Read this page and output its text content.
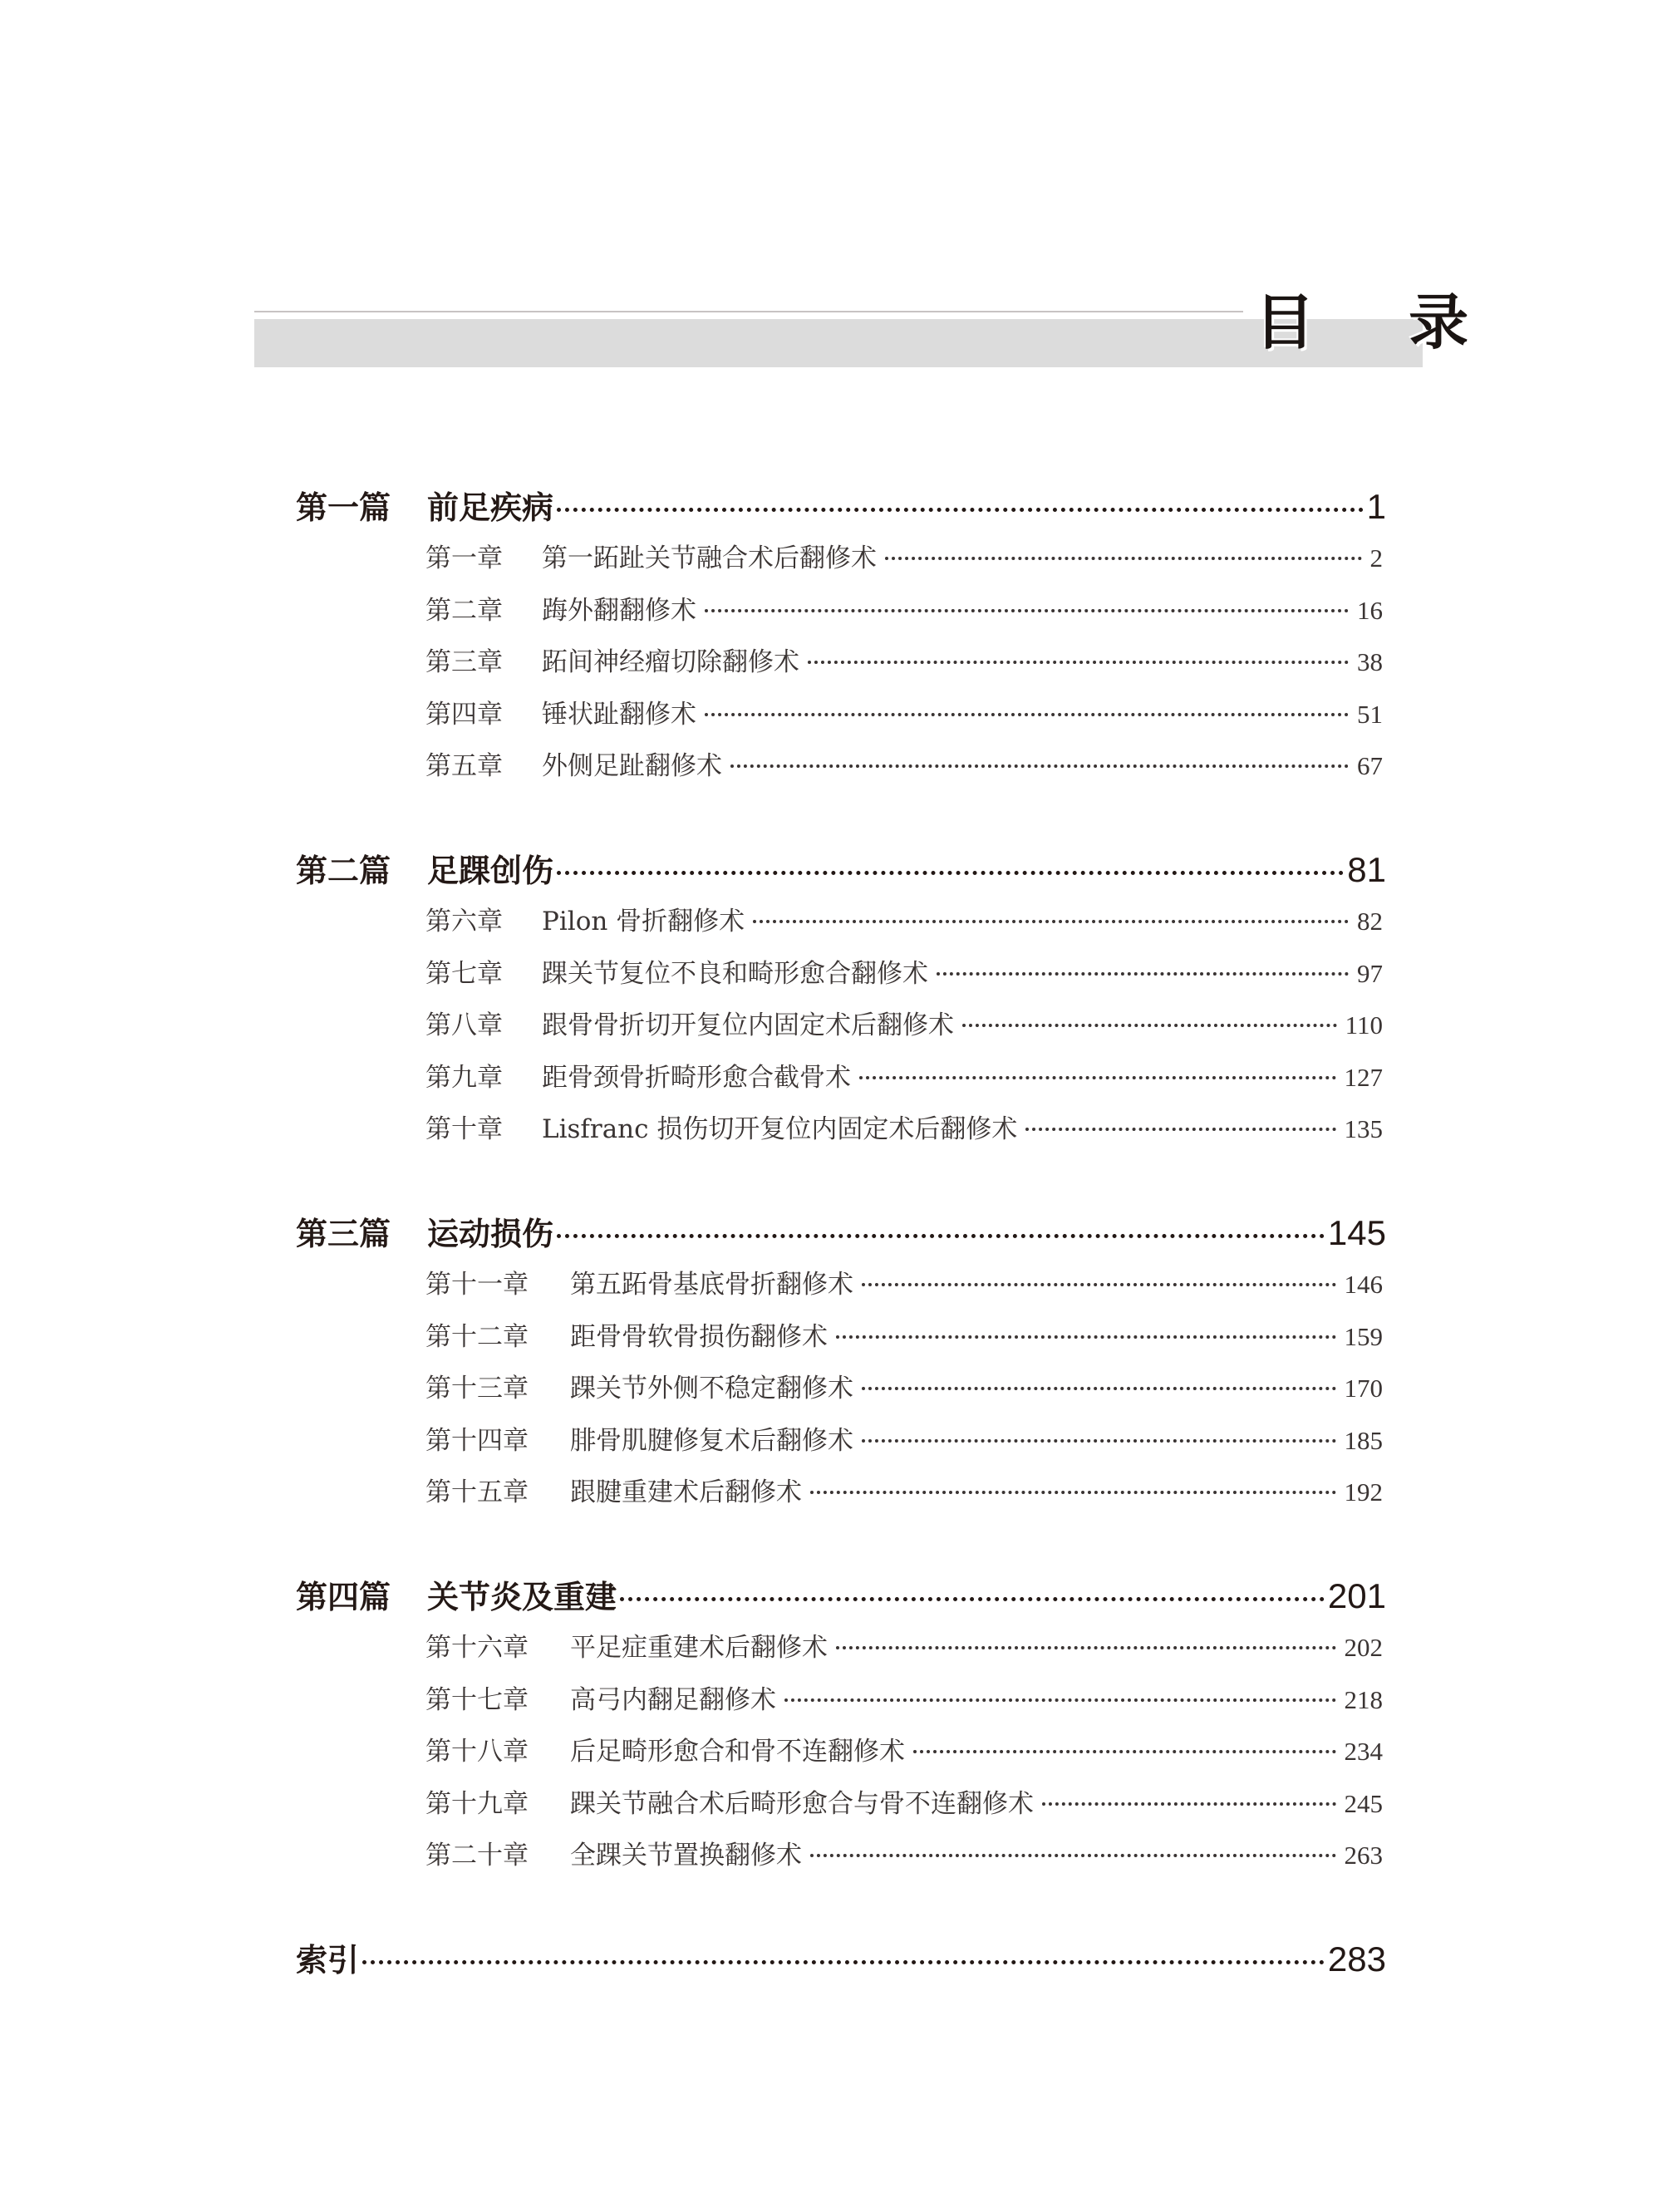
目 录
第一篇	前足疾病	1
第一章	第一跖趾关节融合术后翻修术	2
第二章	踇外翻翻修术	16
第三章	跖间神经瘤切除翻修术	38
第四章	锤状趾翻修术	51
第五章	外侧足趾翻修术	67
第二篇	足踝创伤	81
第六章	Pilon 骨折翻修术	82
第七章	踝关节复位不良和畸形愈合翻修术	97
第八章	跟骨骨折切开复位内固定术后翻修术	110
第九章	距骨颈骨折畸形愈合截骨术	127
第十章	Lisfranc 损伤切开复位内固定术后翻修术	135
第三篇	运动损伤	145
第十一章	第五跖骨基底骨折翻修术	146
第十二章	距骨骨软骨损伤翻修术	159
第十三章	踝关节外侧不稳定翻修术	170
第十四章	腓骨肌腱修复术后翻修术	185
第十五章	跟腱重建术后翻修术	192
第四篇	关节炎及重建	201
第十六章	平足症重建术后翻修术	202
第十七章	高弓内翻足翻修术	218
第十八章	后足畸形愈合和骨不连翻修术	234
第十九章	踝关节融合术后畸形愈合与骨不连翻修术	245
第二十章	全踝关节置换翻修术	263
索引	283
